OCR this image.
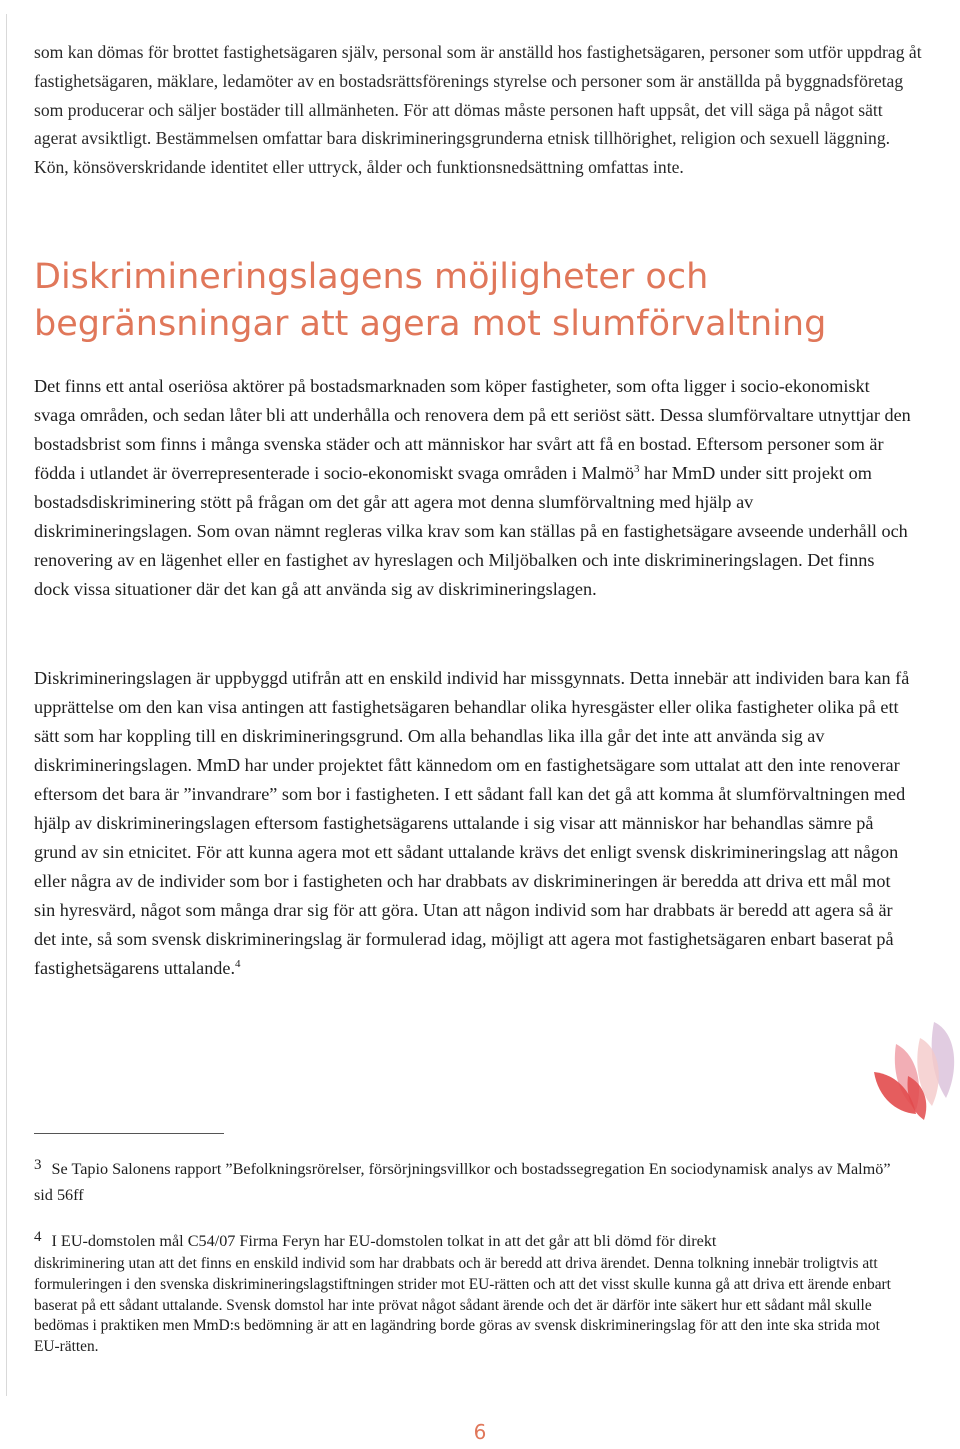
som kan dömas för brottet fastighetsägaren själv, personal som är anställd hos fastighetsägaren, personer som utför uppdrag åt fastighetsägaren, mäklare, ledamöter av en bostadsrättsförenings styrelse och personer som är anställda på byggnadsföretag som producerar och säljer bostäder till allmänheten. För att dömas måste personen haft uppsåt, det vill säga på något sätt agerat avsiktligt. Bestämmelsen omfattar bara diskrimineringsgrunderna etnisk tillhörighet, religion och sexuell läggning. Kön, könsöverskridande identitet eller uttryck, ålder och funktionsnedsättning omfattas inte.

Diskrimineringslagens möjligheter och begränsningar att agera mot slumförvaltning

Det finns ett antal oseriösa aktörer på bostadsmarknaden som köper fastigheter, som ofta ligger i socio-ekonomiskt svaga områden, och sedan låter bli att underhålla och renovera dem på ett seriöst sätt. Dessa slumförvaltare utnyttjar den bostadsbrist som finns i många svenska städer och att människor har svårt att få en bostad. Eftersom personer som är födda i utlandet är överrepresenterade i socio-ekonomiskt svaga områden i Malmö$^3$ har MmD under sitt projekt om bostadsdiskriminering stött på frågan om det går att agera mot denna slumförvaltning med hjälp av diskrimineringslagen. Som ovan nämnt regleras vilka krav som kan ställas på en fastighetsägare avseende underhåll och renovering av en lägenhet eller en fastighet av hyreslagen och Miljöbalken och inte diskrimineringslagen. Det finns dock vissa situationer där det kan gå att använda sig av diskrimineringslagen.

Diskrimineringslagen är uppbyggd utifrån att en enskild individ har missgynnats. Detta innebär att individen bara kan få upprättelse om den kan visa antingen att fastighetsägaren behandlar olika hyresgäster eller olika fastigheter olika på ett sätt som har koppling till en diskrimineringsgrund. Om alla behandlas lika illa går det inte att använda sig av diskrimineringslagen. MmD har under projektet fått kännedom om en fastighetsägare som uttalat att den inte renoverar eftersom det bara är ”invandrare” som bor i fastigheten. I ett sådant fall kan det gå att komma åt slumförvaltningen med hjälp av diskrimineringslagen eftersom fastighetsägarens uttalande i sig visar att människor har behandlas sämre på grund av sin etnicitet. För att kunna agera mot ett sådant uttalande krävs det enligt svensk diskrimineringslag att någon eller några av de individer som bor i fastigheten och har drabbats av diskrimineringen är beredda att driva ett mål mot sin hyresvärd, något som många drar sig för att göra. Utan att någon individ som har drabbats är beredd att agera så är det inte, så som svensk diskrimineringslag är formulerad idag, möjligt att agera mot fastighetsägaren enbart baserat på fastighetsägarens uttalande.$^4$

3 Se Tapio Salonens rapport ”Befolkningsrörelser, försörjningsvillkor och bostadssegregation En sociodynamisk analys av Malmö” sid 56ff

4 I EU-domstolen mål C54/07 Firma Feryn har EU-domstolen tolkat in att det går att bli dömd för direkt

diskriminering utan att det finns en enskild individ som har drabbats och är beredd att driva ärendet. Denna tolkning innebär troligtvis att formuleringen i den svenska diskrimineringslagstiftningen strider mot EU-rätten och att det visst skulle kunna gå att driva ett ärende enbart baserat på ett sådant uttalande. Svensk domstol har inte prövat något sådant ärende och det är därför inte säkert hur ett sådant mål skulle bedömas i praktiken men MmD:s bedömning är att en lagändring borde göras av svensk diskrimineringslag för att den inte ska strida mot EU-rätten.

6
